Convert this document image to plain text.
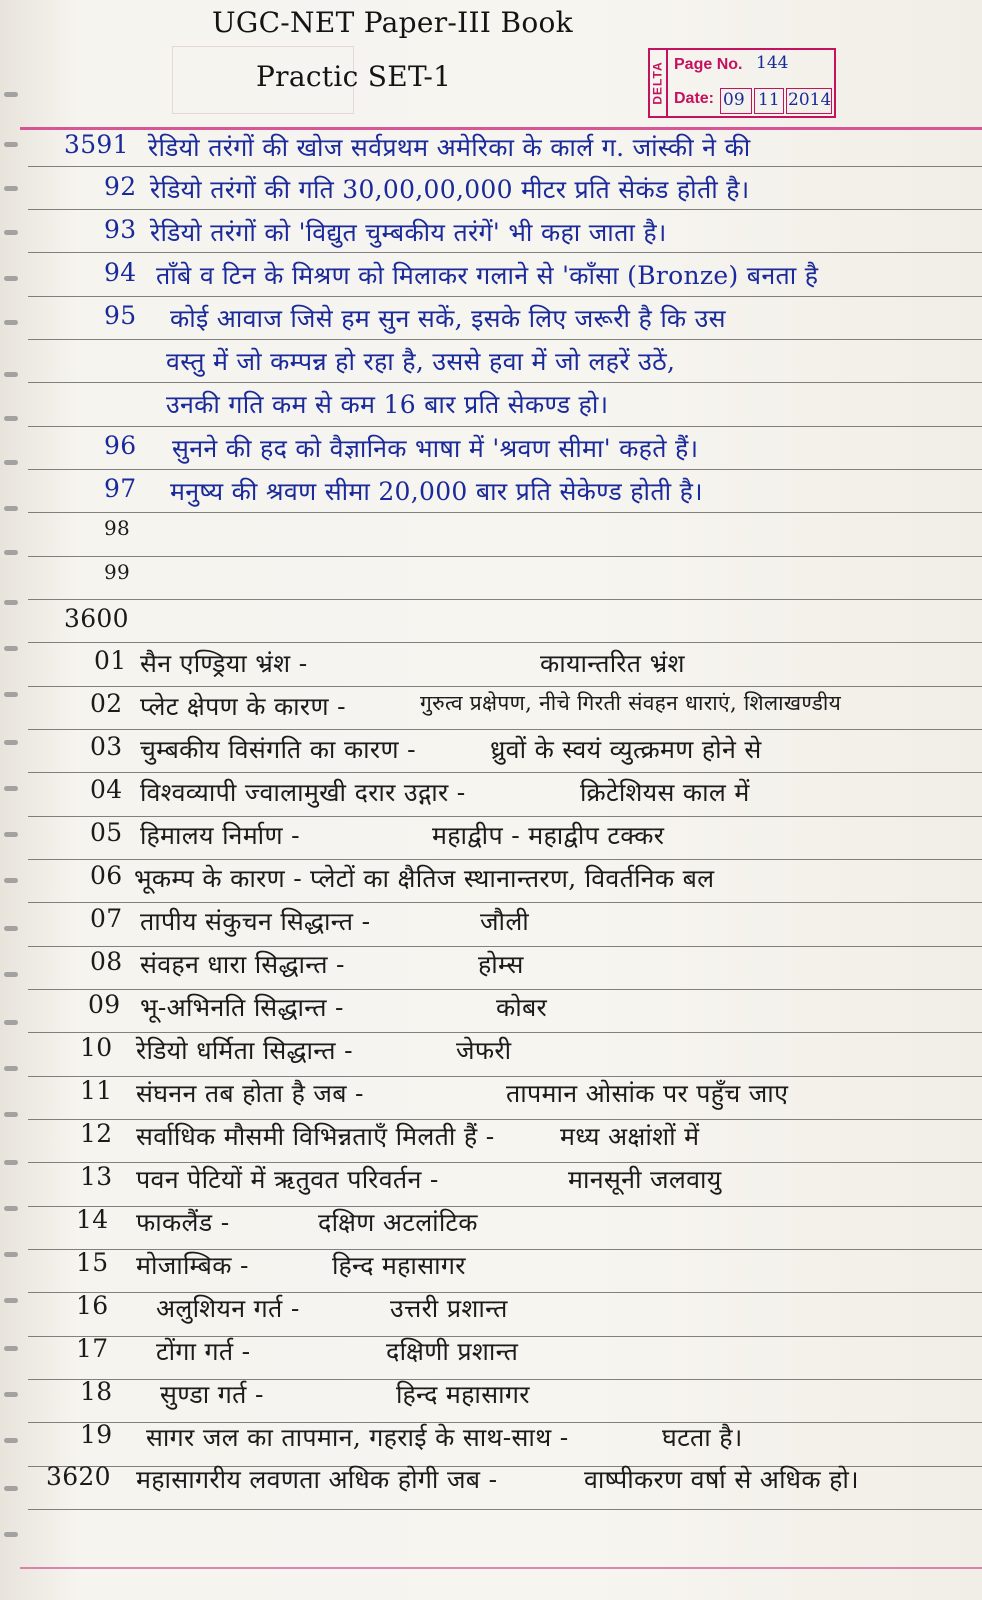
UGC-NET Paper-III Book
Practic SET-1	DELTA Page No. 144
Date: 09 11 2014
3591 रेडियो तरंगों की खोज सर्वप्रथम अमेरिका के कार्ल ग. जांस्की ने की
92 रेडियो तरंगों की गति 30,00,00,000 मीटर प्रति सेकंड होती है।
93 रेडियो तरंगों को 'विद्युत चुम्बकीय तरंगें' भी कहा जाता है।
94 ताँबे व टिन के मिश्रण को मिलाकर गलाने से 'काँसा (Bronze) बनता है
95 कोई आवाज जिसे हम सुन सकें, इसके लिए जरूरी है कि उस
वस्तु में जो कम्पन्न हो रहा है, उससे हवा में जो लहरें उठें,
उनकी गति कम से कम 16 बार प्रति सेकण्ड हो।
96 सुनने की हद को वैज्ञानिक भाषा में 'श्रवण सीमा' कहते हैं।
97 मनुष्य की श्रवण सीमा 20,000 बार प्रति सेकेण्ड होती है।
98
99
3600
01 सैन एण्ड्रिया भ्रंश -	कायान्तरित भ्रंश
02 प्लेट क्षेपण के कारण -	गुरुत्व प्रक्षेपण, नीचे गिरती संवहन धाराएं, शिलाखण्डीय
03 चुम्बकीय विसंगति का कारण -	ध्रुवों के स्वयं व्युत्क्रमण होने से
04 विश्वव्यापी ज्वालामुखी दरार उद्गार -	क्रिटेशियस काल में
05 हिमालय निर्माण -	महाद्वीप - महाद्वीप टक्कर
06 भूकम्प के कारण - प्लेटों का क्षैतिज स्थानान्तरण, विवर्तनिक बल
07 तापीय संकुचन सिद्धान्त -	जौली
08 संवहन धारा सिद्धान्त -	होम्स
09 भू-अभिनति सिद्धान्त -	कोबर
10 रेडियो धर्मिता सिद्धान्त -	जेफरी
11 संघनन तब होता है जब -	तापमान ओसांक पर पहुँच जाए
12 सर्वाधिक मौसमी विभिन्नताएँ मिलती हैं -	मध्य अक्षांशों में
13 पवन पेटियों में ऋतुवत परिवर्तन -	मानसूनी जलवायु
14 फाकलैंड -	दक्षिण अटलांटिक
15 मोजाम्बिक -	हिन्द महासागर
16 अलुशियन गर्त -	उत्तरी प्रशान्त
17 टोंगा गर्त -	दक्षिणी प्रशान्त
18 सुण्डा गर्त -	हिन्द महासागर
19 सागर जल का तापमान, गहराई के साथ-साथ -	घटता है।
3620 महासागरीय लवणता अधिक होगी जब -	वाष्पीकरण वर्षा से अधिक हो।
